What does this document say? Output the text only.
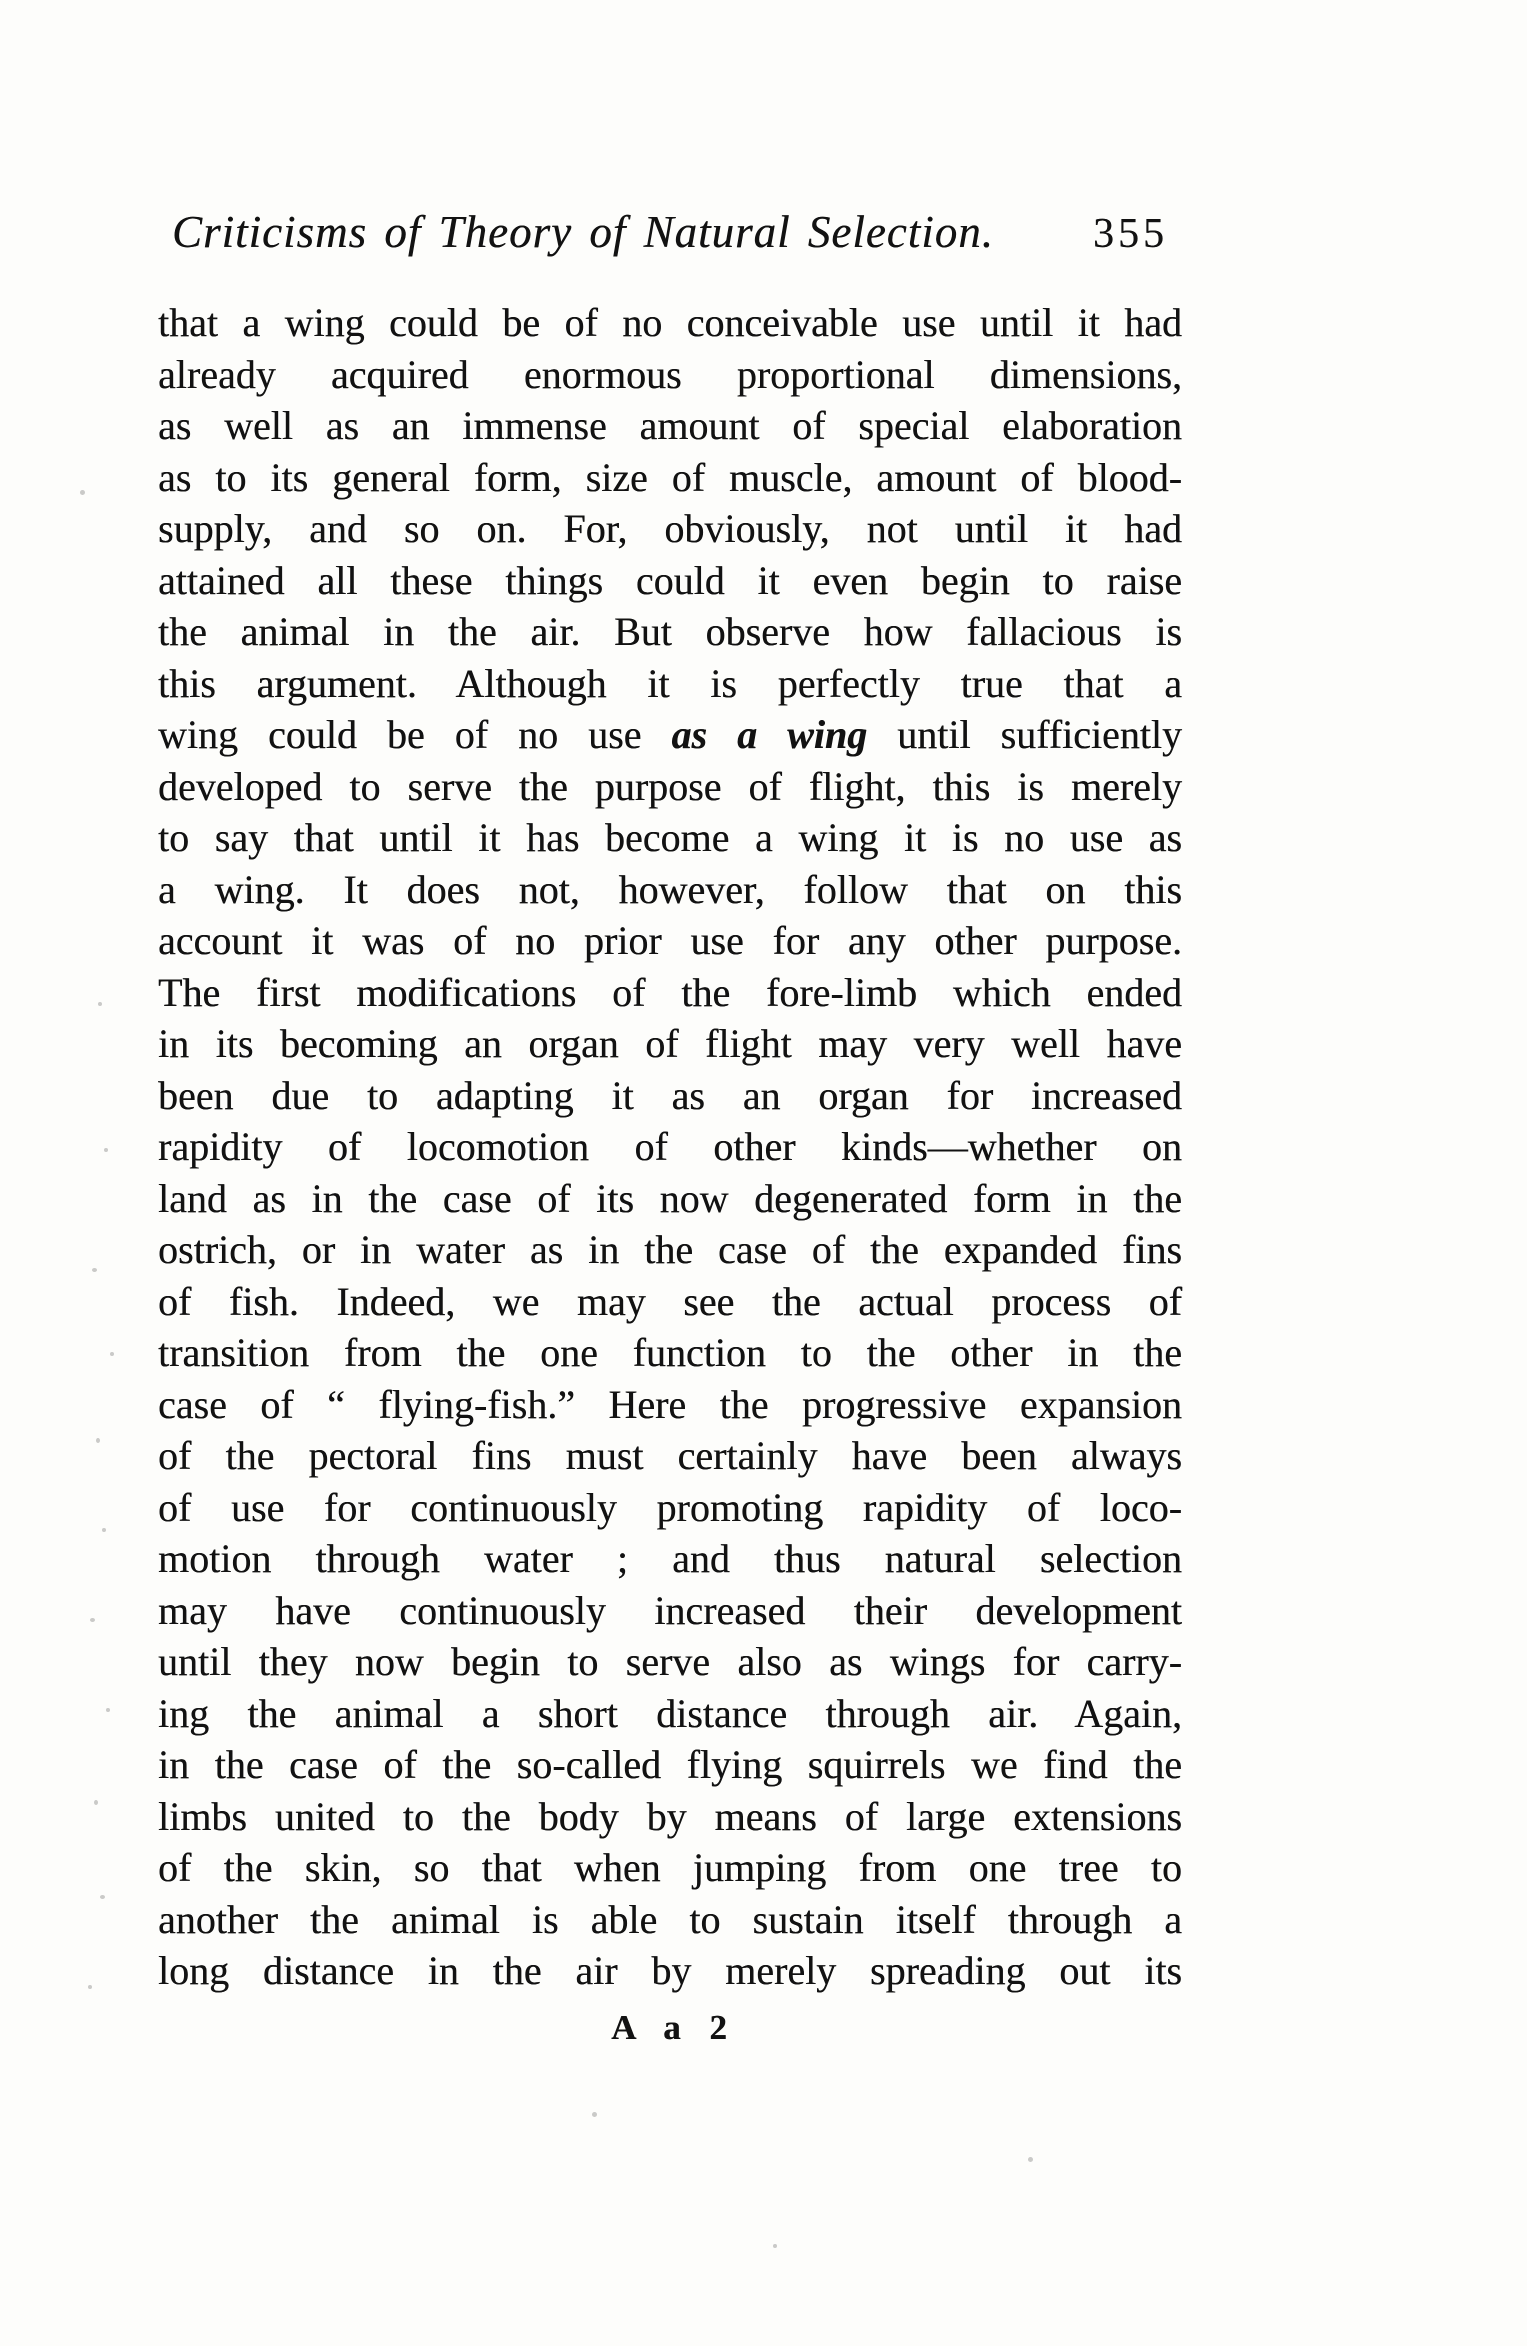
Criticisms of Theory of Natural Selection. 355
that a wing could be of no conceivable use until it had
already acquired enormous proportional dimensions,
as well as an immense amount of special elaboration
as to its general form, size of muscle, amount of blood-
supply, and so on. For, obviously, not until it had
attained all these things could it even begin to raise
the animal in the air. But observe how fallacious is
this argument. Although it is perfectly true that a
wing could be of no use as a wing until sufficiently
developed to serve the purpose of flight, this is merely
to say that until it has become a wing it is no use as
a wing. It does not, however, follow that on this
account it was of no prior use for any other purpose.
The first modifications of the fore-limb which ended
in its becoming an organ of flight may very well have
been due to adapting it as an organ for increased
rapidity of locomotion of other kinds—whether on
land as in the case of its now degenerated form in the
ostrich, or in water as in the case of the expanded fins
of fish. Indeed, we may see the actual process of
transition from the one function to the other in the
case of “ flying-fish.” Here the progressive expansion
of the pectoral fins must certainly have been always
of use for continuously promoting rapidity of loco-
motion through water ; and thus natural selection
may have continuously increased their development
until they now begin to serve also as wings for carry-
ing the animal a short distance through air. Again,
in the case of the so-called flying squirrels we find the
limbs united to the body by means of large extensions
of the skin, so that when jumping from one tree to
another the animal is able to sustain itself through a
long distance in the air by merely spreading out its
A a 2
